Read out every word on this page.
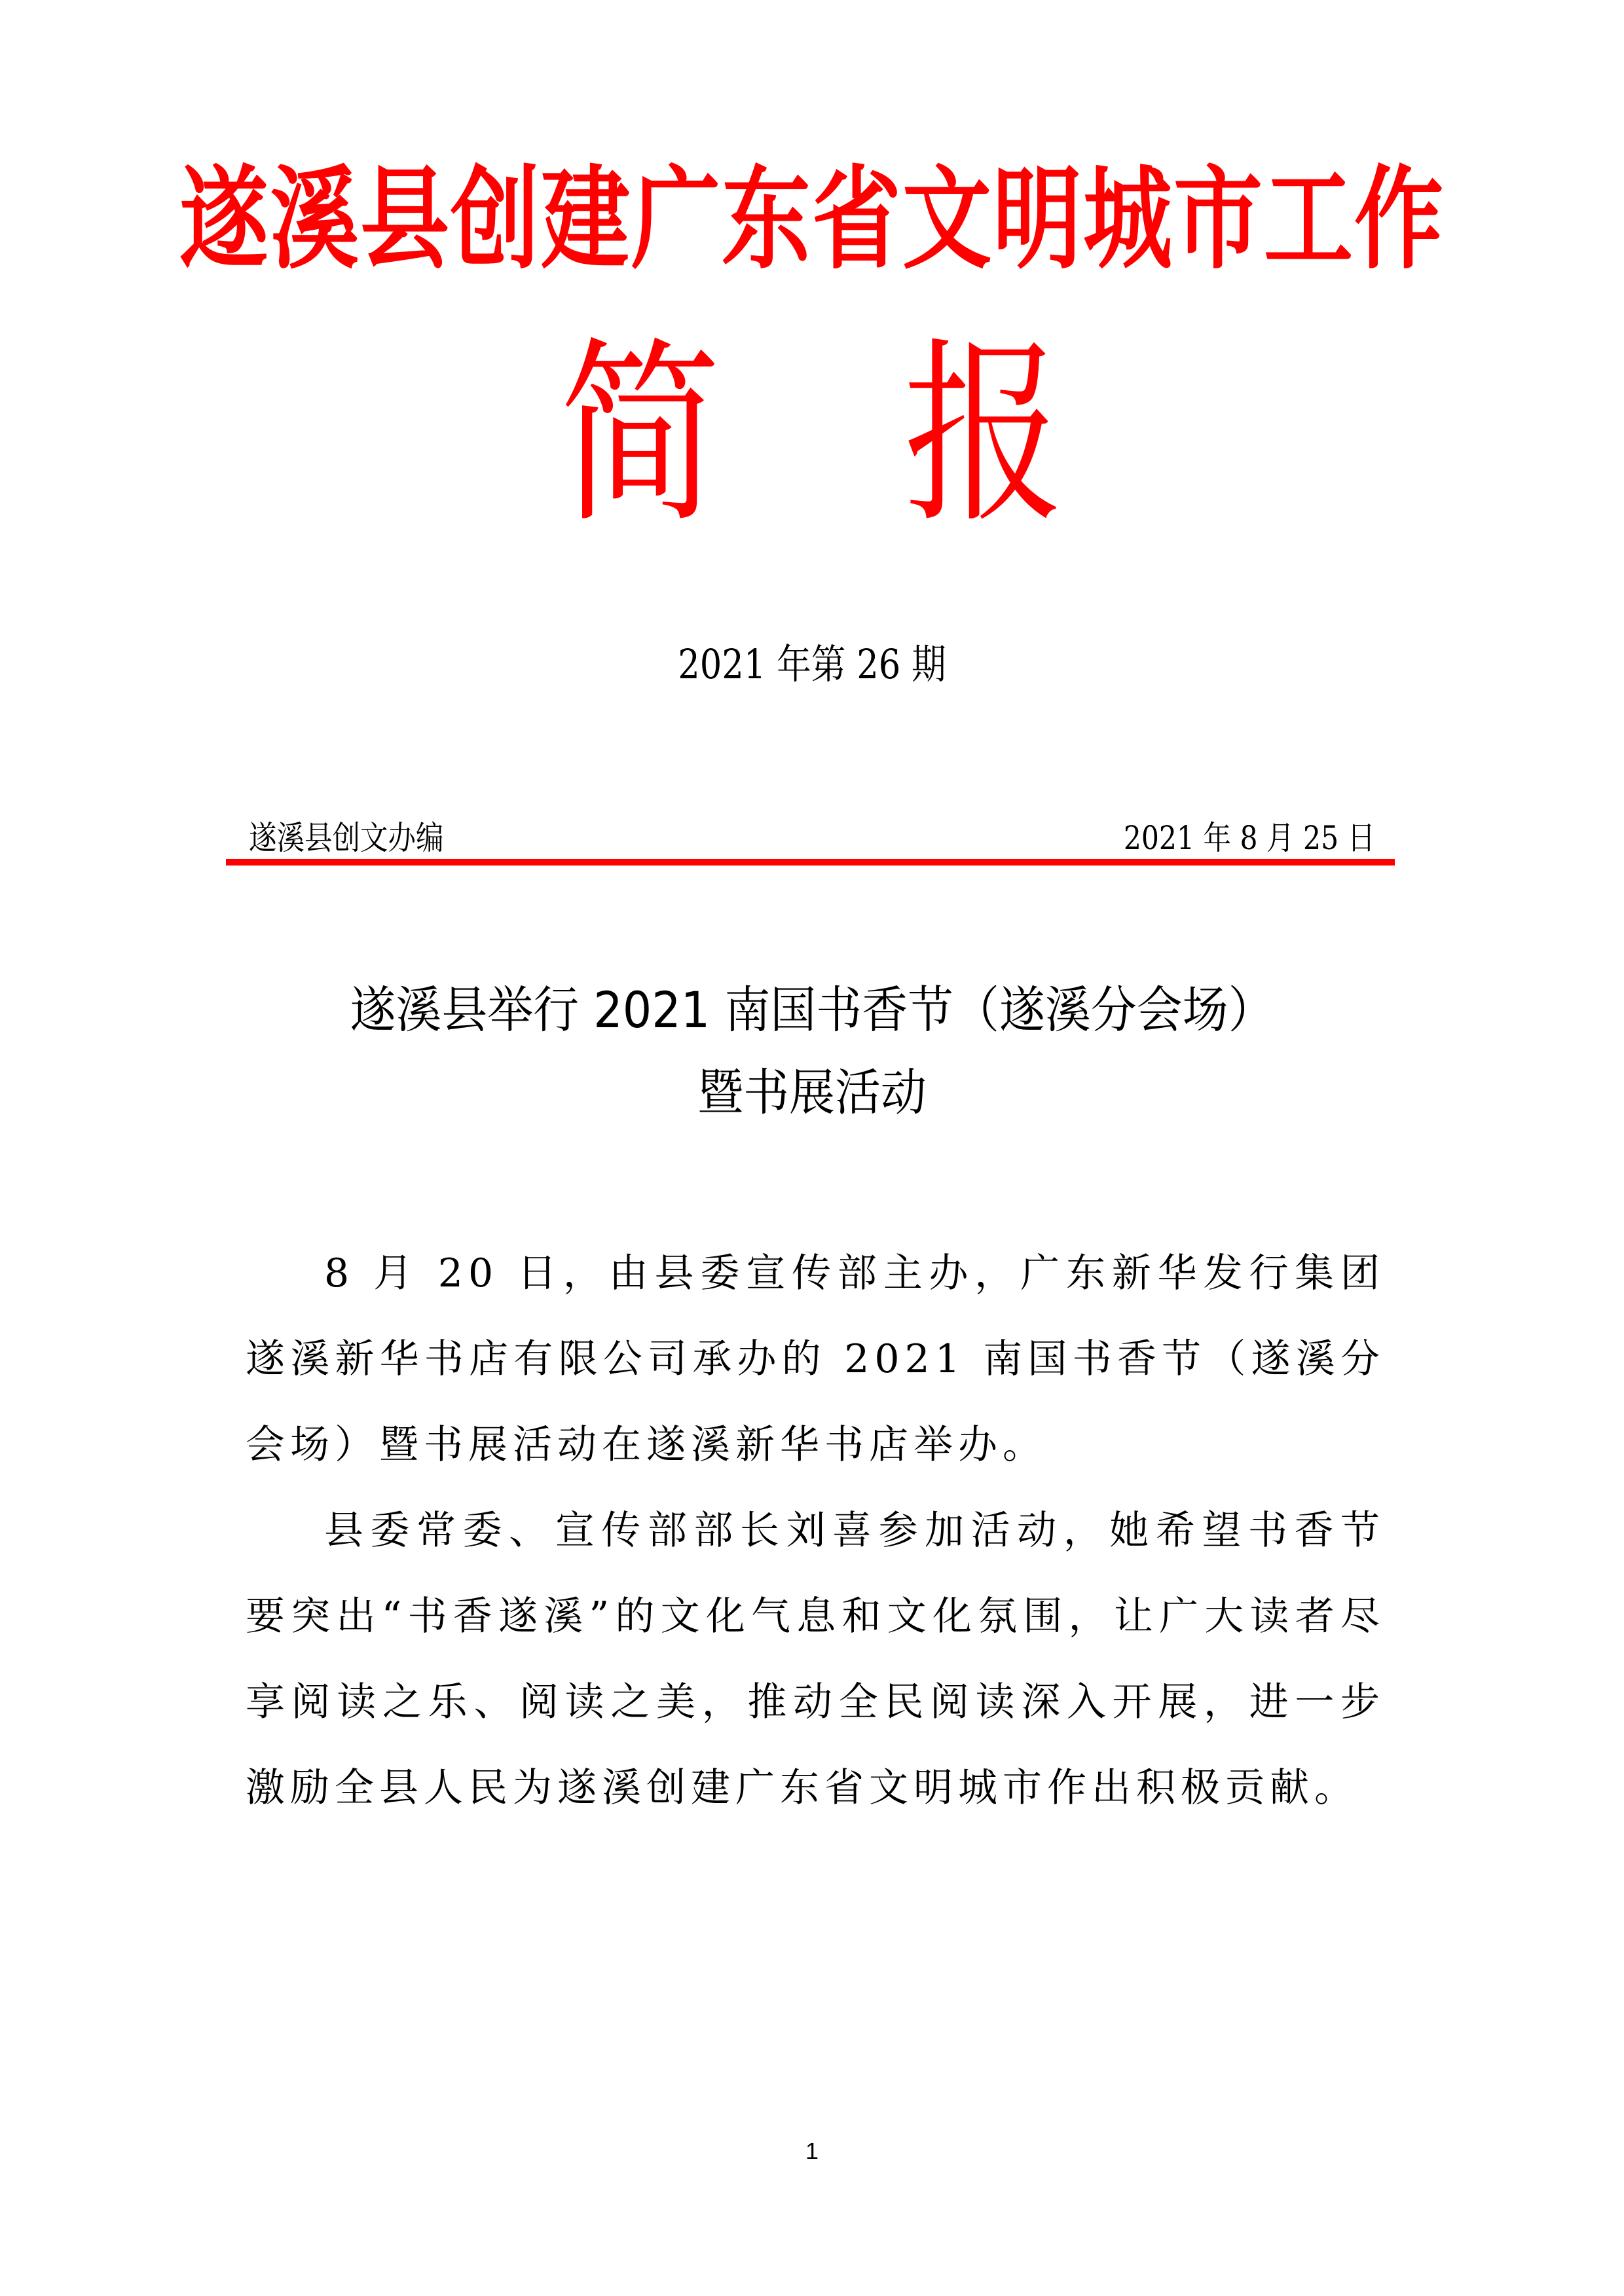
遂溪县创建广东省文明城市工作
简 报
2021 年第 26 期
遂溪县创文办编	2021 年 8 月 25 日
遂溪县举行 2021 南国书香节（遂溪分会场）
暨书展活动

8 月 20 日，由县委宣传部主办，广东新华发行集团遂溪新华书店有限公司承办的 2021 南国书香节（遂溪分会场）暨书展活动在遂溪新华书店举办。

县委常委、宣传部部长刘喜参加活动，她希望书香节要突出“书香遂溪”的文化气息和文化氛围，让广大读者尽享阅读之乐、阅读之美，推动全民阅读深入开展，进一步激励全县人民为遂溪创建广东省文明城市作出积极贡献。

1
